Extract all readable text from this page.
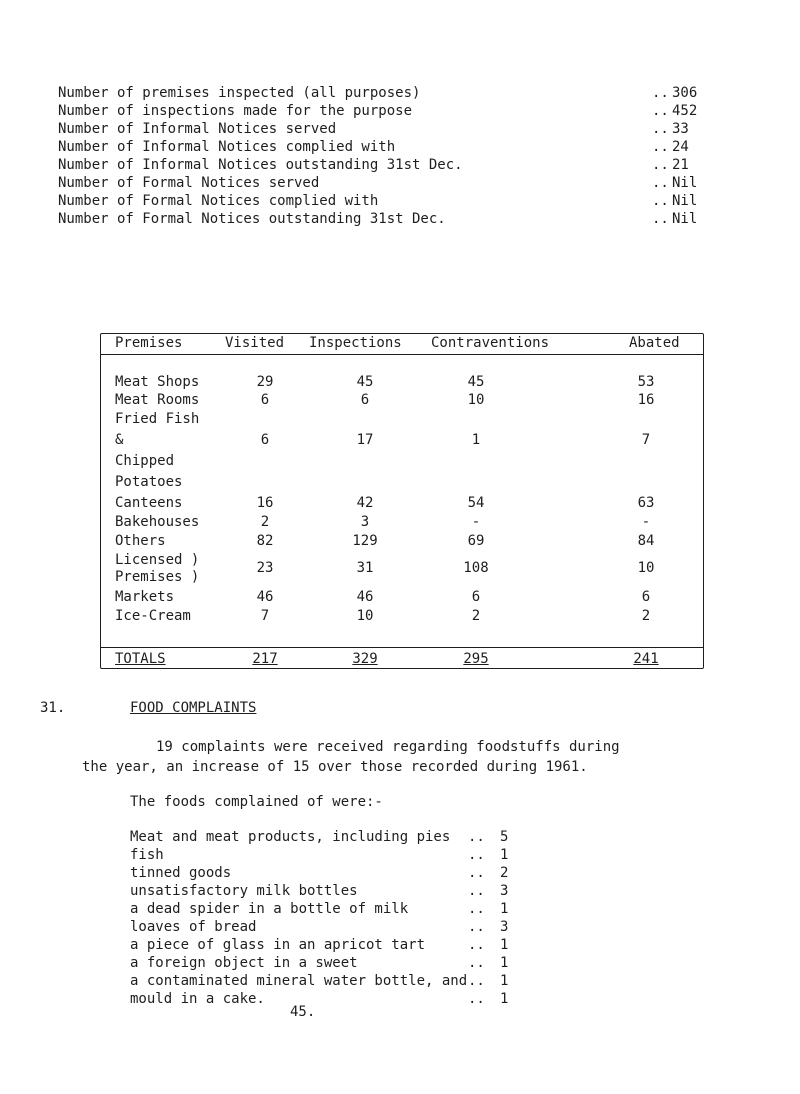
Number of premises inspected (all purposes)	.. 306
Number of inspections made for the purpose	.. 452
Number of Informal Notices served	.. 33
Number of Informal Notices complied with	.. 24
Number of Informal Notices outstanding 31st Dec.	.. 21
Number of Formal Notices served	.. Nil
Number of Formal Notices complied with	.. Nil
Number of Formal Notices outstanding 31st Dec.	.. Nil
Premises	Visited Inspections Contraventions	Abated
Meat Shops	29	45	45	53
Meat Rooms	6	6	10	16
Fried Fish
&	6	17	1	7
Chipped
Potatoes
Canteens	16	42	54	63
Bakehouses	2	3	-	-
Others	82	129	69	84
Licensed )
Premises )
23	31	108	10
Markets	46	46	6	6
Ice-Cream	7	10	2	2
TOTALS	217	329	295	241
31.	FOOD COMPLAINTS
19 complaints were received regarding foodstuffs during
the year, an increase of 15 over those recorded during 1961.
The foods complained of were:-
Meat and meat products, including pies .. 5
fish	.. 1
tinned goods	.. 2
unsatisfactory milk bottles	.. 3
a dead spider in a bottle of milk	.. 1
loaves of bread	.. 3
a piece of glass in an apricot tart	.. 1
a foreign object in a sweet	.. 1
a contaminated mineral water bottle, and .. 1
mould in a cake.	.. 1
45.
